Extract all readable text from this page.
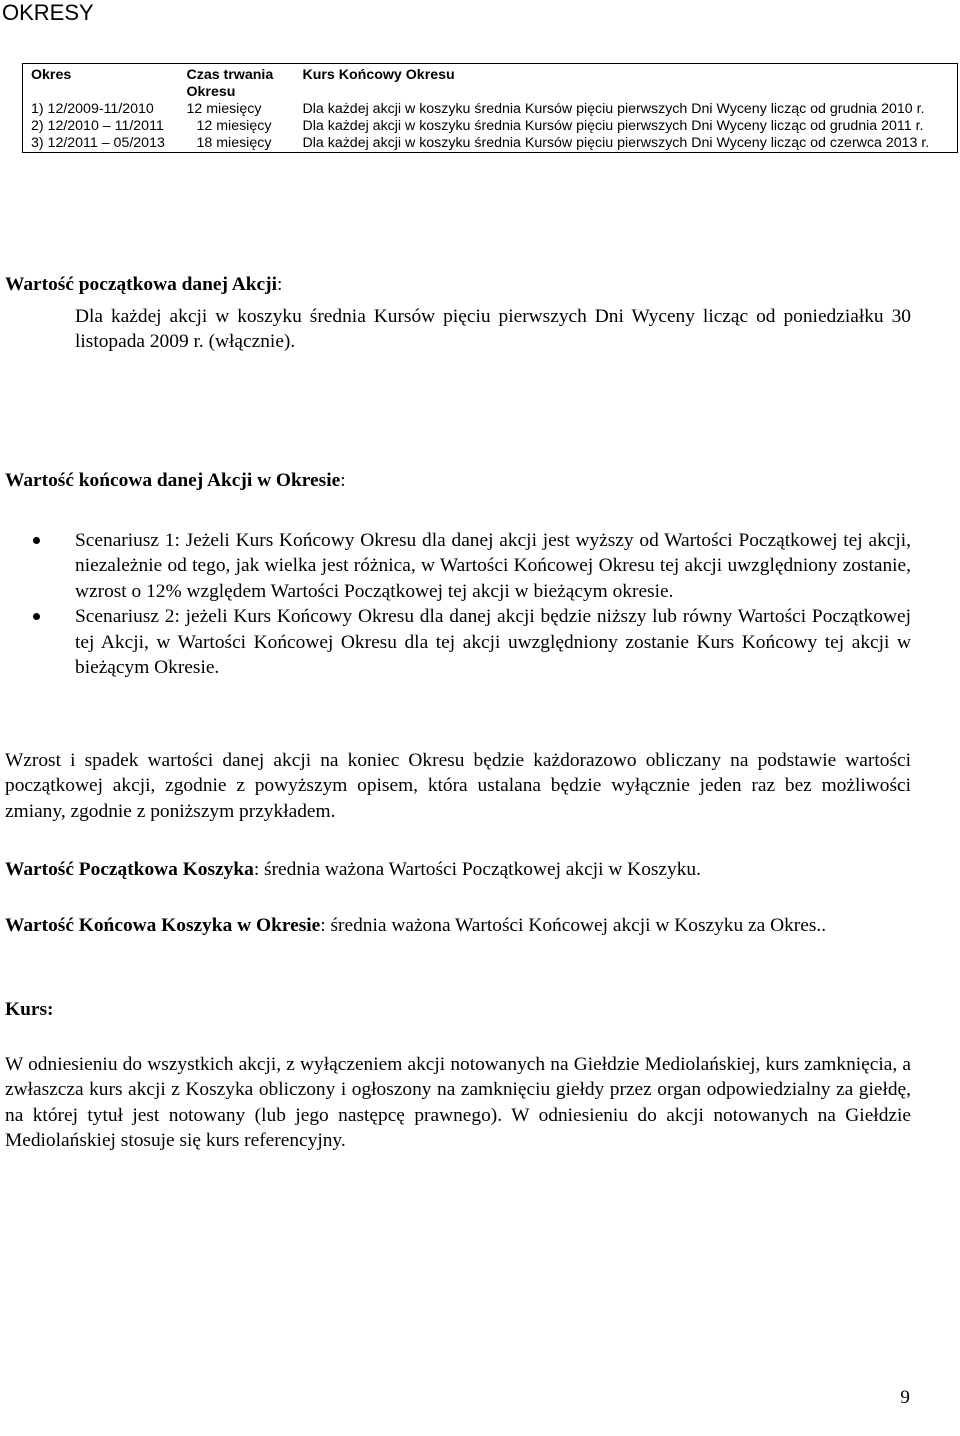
OKRESY
Okres	Czas trwania Okresu	Kurs Końcowy Okresu
1) 12/2009-11/2010	12 miesięcy	Dla każdej akcji w koszyku średnia Kursów pięciu pierwszych Dni Wyceny licząc od grudnia 2010 r.
2) 12/2010 – 11/2011	12 miesięcy	Dla każdej akcji w koszyku średnia Kursów pięciu pierwszych Dni Wyceny licząc od grudnia 2011 r.
3) 12/2011 – 05/2013	18 miesięcy	Dla każdej akcji w koszyku średnia Kursów pięciu pierwszych Dni Wyceny licząc od czerwca 2013 r.
Wartość początkowa danej Akcji:
Dla każdej akcji w koszyku średnia Kursów pięciu pierwszych Dni Wyceny licząc od poniedziałku 30 listopada 2009 r. (włącznie).
Wartość końcowa danej Akcji w Okresie:
Scenariusz 1: Jeżeli Kurs Końcowy Okresu dla danej akcji jest wyższy od Wartości Początkowej tej akcji, niezależnie od tego, jak wielka jest różnica, w Wartości Końcowej Okresu tej akcji uwzględniony zostanie, wzrost o 12% względem Wartości Początkowej tej akcji w bieżącym okresie.
Scenariusz 2: jeżeli Kurs Końcowy Okresu dla danej akcji będzie niższy lub równy Wartości Początkowej tej Akcji, w Wartości Końcowej Okresu dla tej akcji uwzględniony zostanie Kurs Końcowy tej akcji w bieżącym Okresie.
Wzrost i spadek wartości danej akcji na koniec Okresu będzie każdorazowo obliczany na podstawie wartości początkowej akcji, zgodnie z powyższym opisem, która ustalana będzie wyłącznie jeden raz bez możliwości zmiany, zgodnie z poniższym przykładem.
Wartość Początkowa Koszyka: średnia ważona Wartości Początkowej akcji w Koszyku.
Wartość Końcowa Koszyka w Okresie: średnia ważona Wartości Końcowej akcji w Koszyku za Okres..
Kurs:
W odniesieniu do wszystkich akcji, z wyłączeniem akcji notowanych na Giełdzie Mediolańskiej, kurs zamknięcia, a zwłaszcza kurs akcji z Koszyka obliczony i ogłoszony na zamknięciu giełdy przez organ odpowiedzialny za giełdę, na której tytuł jest notowany (lub jego następcę prawnego). W odniesieniu do akcji notowanych na Giełdzie Mediolańskiej stosuje się kurs referencyjny.
9
